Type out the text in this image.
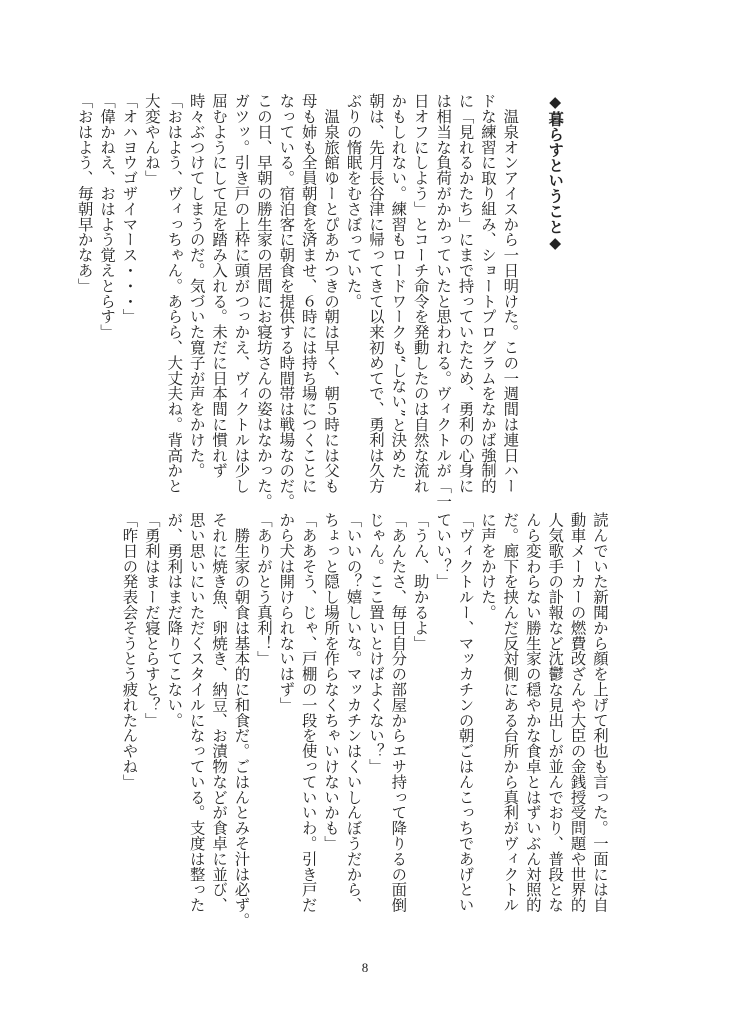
◆暮らすということ◆

　温泉オンアイスから一日明けた。この一週間は連日ハー
ドな練習に取り組み、ショートプログラムをなかば強制的
に「見れるかたち」にまで持っていたため、勇利の心身に
は相当な負荷がかかっていたと思われる。ヴィクトルが「一
日オフにしよう」とコーチ命令を発動したのは自然な流れ
かもしれない。練習もロードワークも“しない”と決めた
朝は、先月長谷津に帰ってきて以来初めてで、勇利は久方
ぶりの惰眠をむさぼっていた。
　温泉旅館ゆーとぴあかつきの朝は早く、朝５時には父も
母も姉も全員朝食を済ませ、６時には持ち場につくことに
なっている。宿泊客に朝食を提供する時間帯は戦場なのだ。
この日、早朝の勝生家の居間にお寝坊さんの姿はなかった。
ガツッ。引き戸の上枠に頭がつっかえ、ヴィクトルは少し
屈むようにして足を踏み入れる。未だに日本間に慣れず
時々ぶつけてしまうのだ。気づいた寛子が声をかけた。
「おはよう、ヴィっちゃん。あらら、大丈夫ね。背高かと
大変やんね」
「オハヨウゴザイマース・・・」
「偉かねえ、おはよう覚えとらす」
「おはよう、毎朝早かなあ」
読んでいた新聞から顔を上げて利也も言った。一面には自
動車メーカーの燃費改ざんや大臣の金銭授受問題や世界的
人気歌手の訃報など沈鬱な見出しが並んでおり、普段とな
んら変わらない勝生家の穏やかな食卓とはずいぶん対照的
だ。廊下を挟んだ反対側にある台所から真利がヴィクトル
に声をかけた。
「ヴィクトルー、マッカチンの朝ごはんこっちであげとい
ていい？」
「うん、助かるよ」
「あんたさ、毎日自分の部屋からエサ持って降りるの面倒
じゃん。ここ置いとけばよくない？」
「いいの？嬉しいな。マッカチンはくいしんぼうだから、
ちょっと隠し場所を作らなくちゃいけないかも」
「ああそう、じゃ、戸棚の一段を使っていいわ。引き戸だ
から犬は開けられないはず」
「ありがとう真利！」
　勝生家の朝食は基本的に和食だ。ごはんとみそ汁は必ず。
それに焼き魚、卵焼き、納豆、お漬物などが食卓に並び、
思い思いにいただくスタイルになっている。支度は整った
が、勇利はまだ降りてこない。
「勇利はまーだ寝とらすと？」
「昨日の発表会そうとう疲れたんやね」
8
